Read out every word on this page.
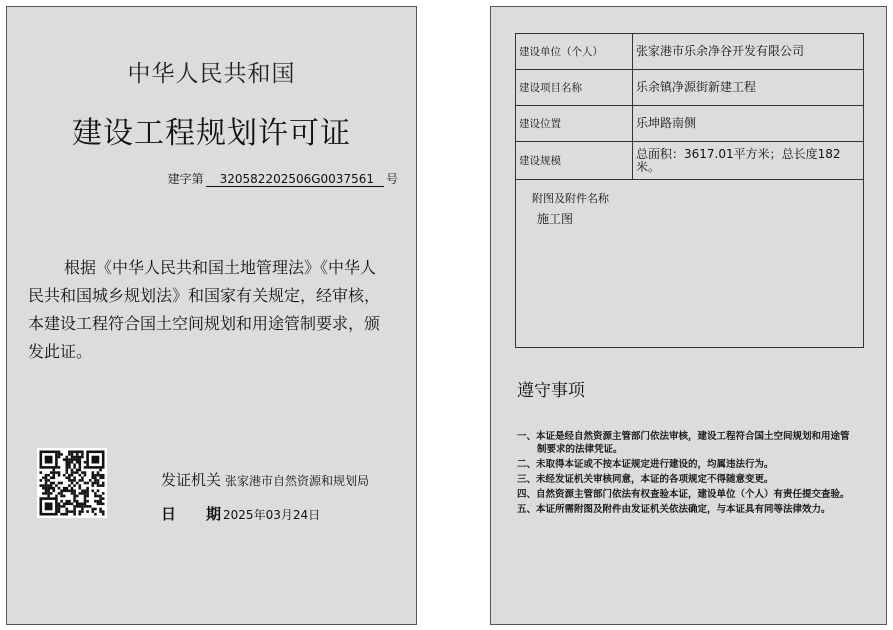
中华人民共和国
建设工程规划许可证
建字第 320582202506G0037561 号
根据《中华人民共和国土地管理法》《中华人民共和国城乡规划法》和国家有关规定，经审核，本建设工程符合国土空间规划和用途管制要求，颁发此证。
发证机关 张家港市自然资源和规划局
日 期 2025年03月24日
建设单位（个人）	张家港市乐余净谷开发有限公司
建设项目名称	乐余镇净源街新建工程
建设位置	乐坤路南侧
建设规模	总面积：3617.01平方米；总长度182米。

附图及附件名称
施工图	
遵守事项
一、本证是经自然资源主管部门依法审核，建设工程符合国土空间规划和用途管制要求的法律凭证。
二、未取得本证或不按本证规定进行建设的，均属违法行为。
三、未经发证机关审核同意，本证的各项规定不得随意变更。
四、自然资源主管部门依法有权查验本证，建设单位（个人）有责任提交查验。
五、本证所需附图及附件由发证机关依法确定，与本证具有同等法律效力。
